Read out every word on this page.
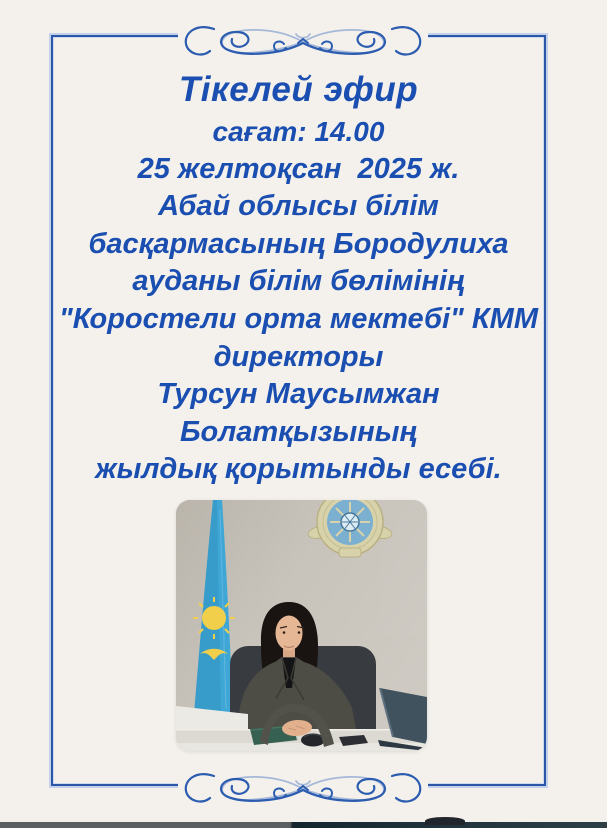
Тікелей эфир
сағат: 14.00
25 желтоқсан  2025 ж.
Абай облысы білім
басқармасының Бородулиха
ауданы білім бөлімінің
"Коростели орта мектебі" КММ
директоры
Турсун Маусымжан
Болатқызының
жылдық қорытынды есебі.
